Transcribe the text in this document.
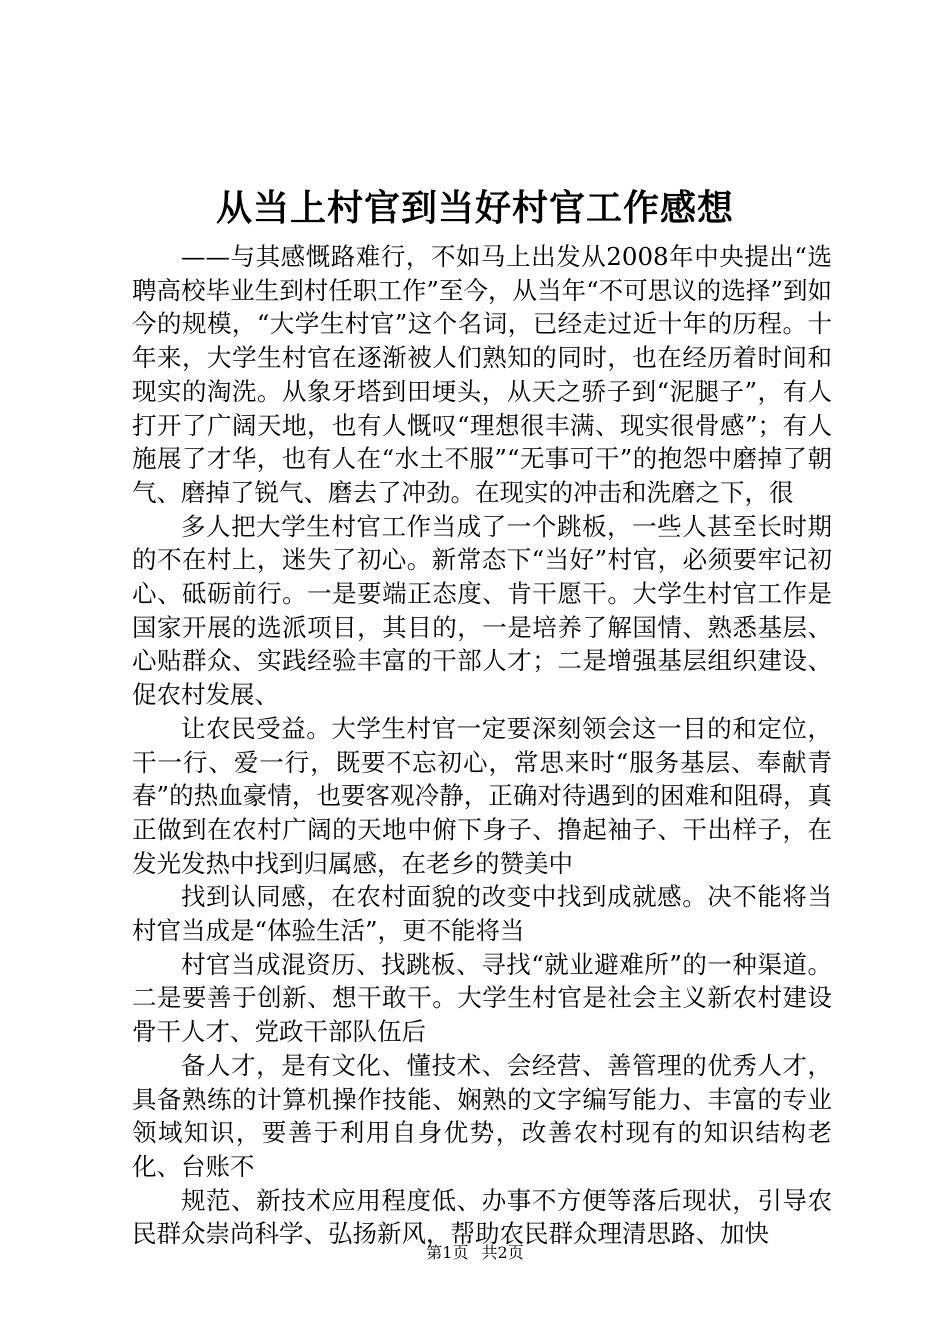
从当上村官到当好村官工作感想

——与其感慨路难行，不如马上出发从2008年中央提出“选聘高校毕业生到村任职工作”至今，从当年“不可思议的选择”到如今的规模，“大学生村官”这个名词，已经走过近十年的历程。十年来，大学生村官在逐渐被人们熟知的同时，也在经历着时间和现实的淘洗。从象牙塔到田埂头，从天之骄子到“泥腿子”，有人打开了广阔天地，也有人慨叹“理想很丰满、现实很骨感”；有人施展了才华，也有人在“水土不服”“无事可干”的抱怨中磨掉了朝气、磨掉了锐气、磨去了冲劲。在现实的冲击和洗磨之下，很

多人把大学生村官工作当成了一个跳板，一些人甚至长时期的不在村上，迷失了初心。新常态下“当好”村官，必须要牢记初心、砥砺前行。一是要端正态度、肯干愿干。大学生村官工作是国家开展的选派项目，其目的，一是培养了解国情、熟悉基层、心贴群众、实践经验丰富的干部人才；二是增强基层组织建设、促农村发展、

让农民受益。大学生村官一定要深刻领会这一目的和定位，干一行、爱一行，既要不忘初心，常思来时“服务基层、奉献青春”的热血豪情，也要客观冷静，正确对待遇到的困难和阻碍，真正做到在农村广阔的天地中俯下身子、撸起袖子、干出样子，在发光发热中找到归属感，在老乡的赞美中

找到认同感，在农村面貌的改变中找到成就感。决不能将当村官当成是“体验生活”，更不能将当

村官当成混资历、找跳板、寻找“就业避难所”的一种渠道。二是要善于创新、想干敢干。大学生村官是社会主义新农村建设骨干人才、党政干部队伍后

备人才，是有文化、懂技术、会经营、善管理的优秀人才，具备熟练的计算机操作技能、娴熟的文字编写能力、丰富的专业领域知识，要善于利用自身优势，改善农村现有的知识结构老化、台账不

规范、新技术应用程度低、办事不方便等落后现状，引导农民群众崇尚科学、弘扬新风，帮助农民群众理清思路、加快

第1页 共2页
